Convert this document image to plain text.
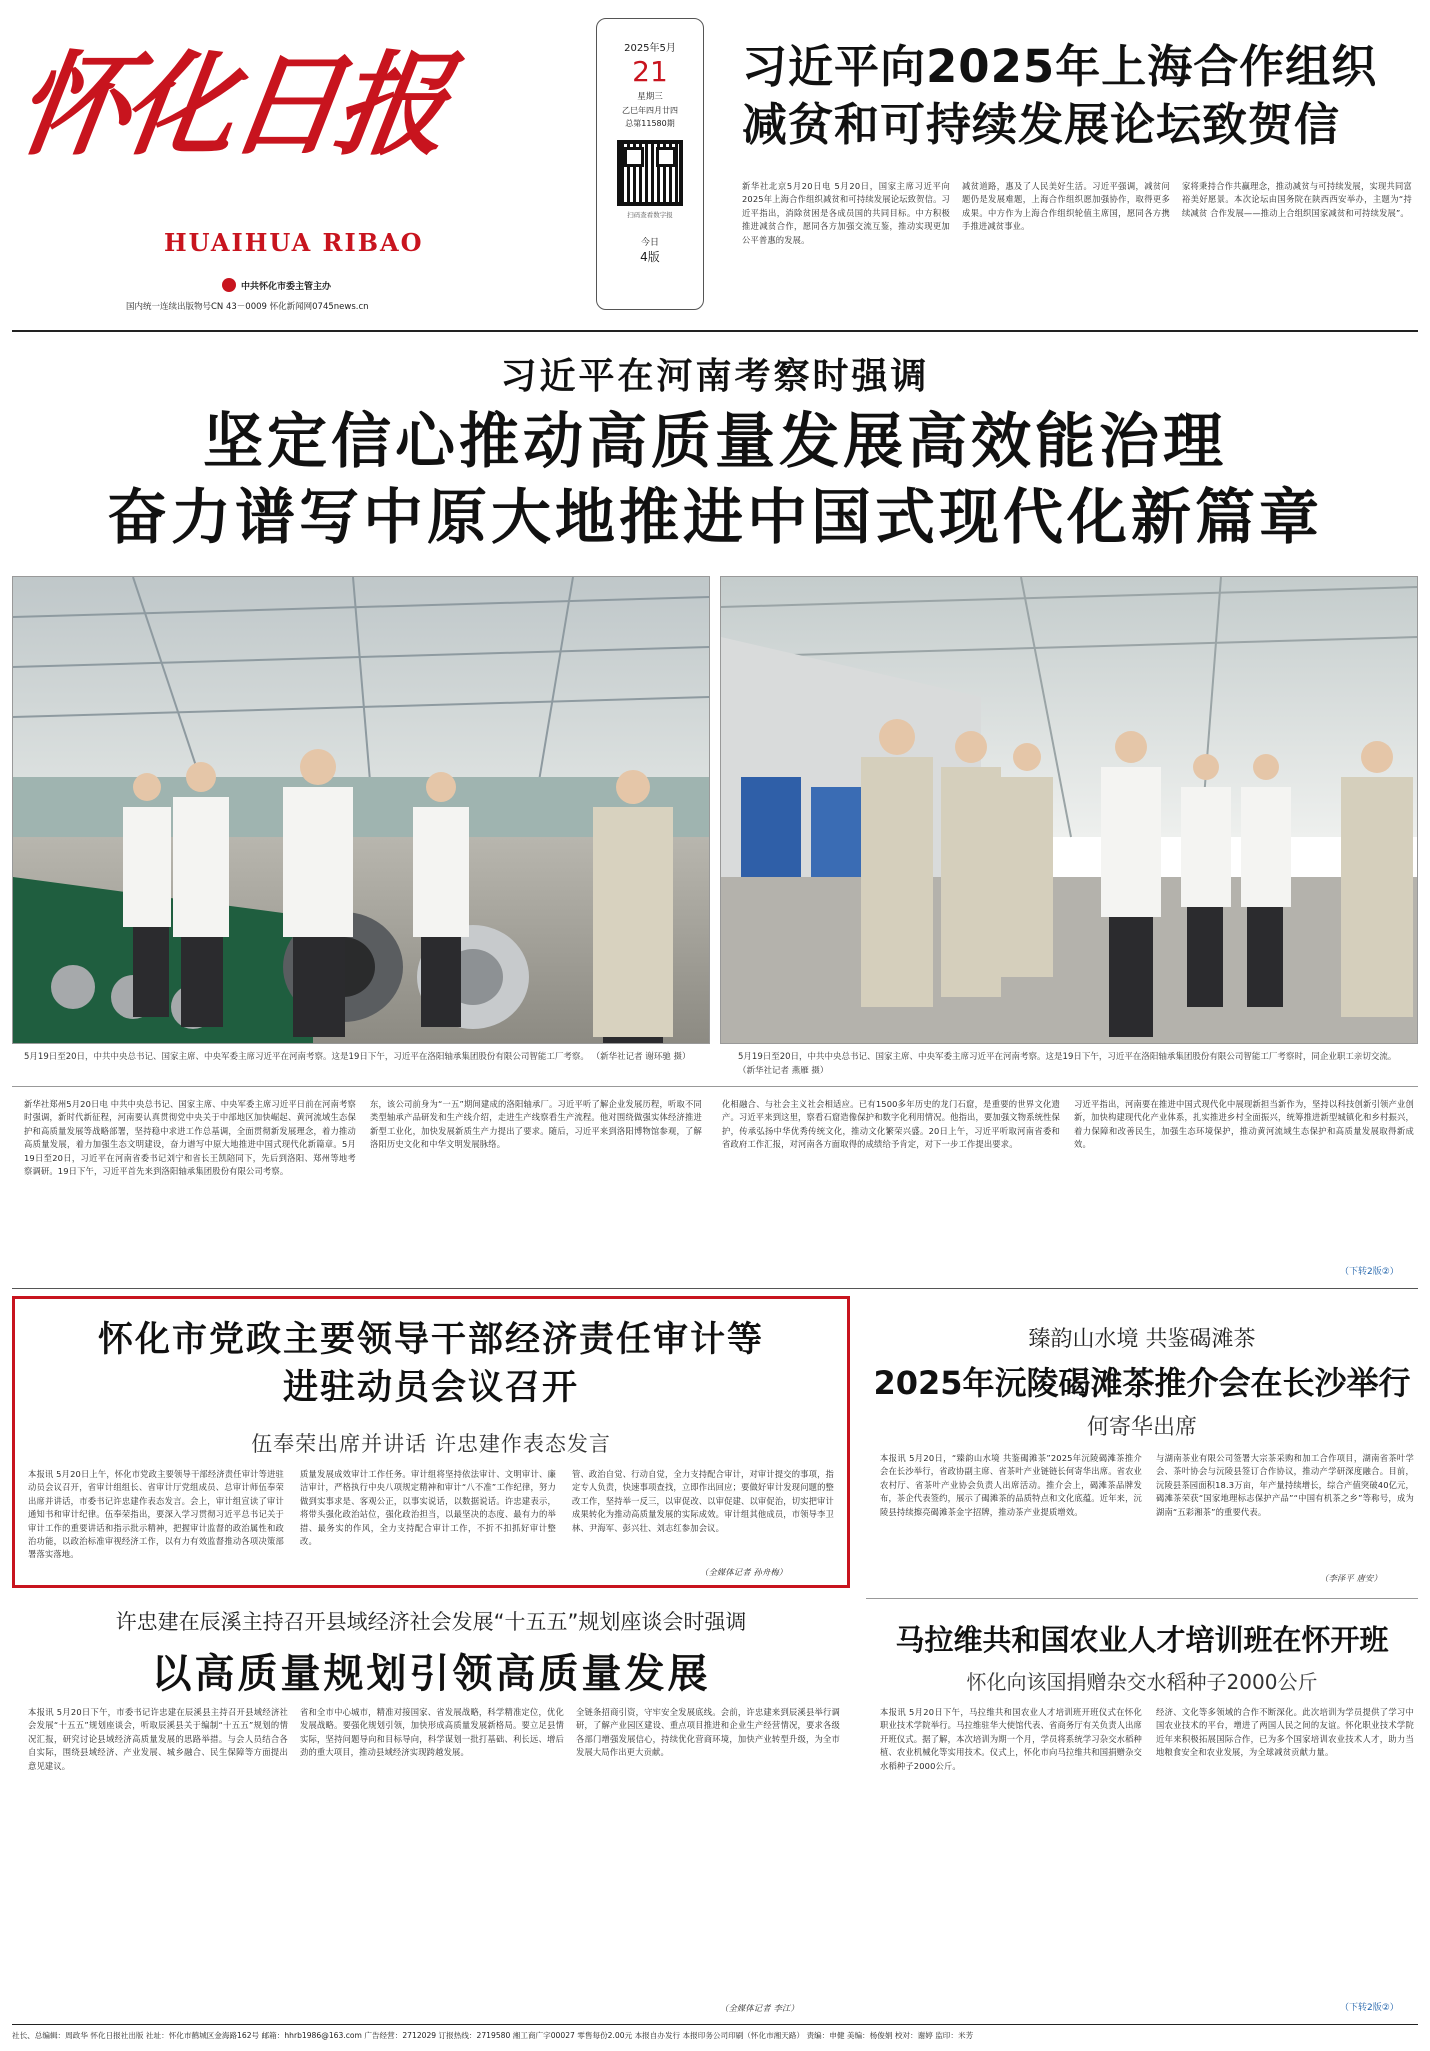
怀化日报
HUAIHUA RIBAO
中共怀化市委主管主办
国内统一连续出版物号CN 43－0009 怀化新闻网0745news.cn
2025年5月
21
星期三
乙巳年四月廿四
总第11580期
扫码查看数字报
今日
4版
习近平向2025年上海合作组织
减贫和可持续发展论坛致贺信
新华社北京5月20日电 5月20日，国家主席习近平向2025年上海合作组织减贫和可持续发展论坛致贺信。习近平指出，消除贫困是各成员国的共同目标。中方积极推进减贫合作，愿同各方加强交流互鉴，推动实现更加公平普惠的发展。
减贫道路，惠及了人民美好生活。习近平强调，减贫问题仍是发展难题，上海合作组织愿加强协作，取得更多成果。中方作为上海合作组织轮值主席国，愿同各方携手推进减贫事业。
家将秉持合作共赢理念，推动减贫与可持续发展，实现共同富裕美好愿景。本次论坛由国务院在陕西西安举办，主题为“持续减贫 合作发展——推动上合组织国家减贫和可持续发展”。
习近平在河南考察时强调
坚定信心推动高质量发展高效能治理
奋力谱写中原大地推进中国式现代化新篇章
5月19日至20日，中共中央总书记、国家主席、中央军委主席习近平在河南考察。这是19日下午，习近平在洛阳轴承集团股份有限公司智能工厂考察。 （新华社记者 谢环驰 摄）	5月19日至20日，中共中央总书记、国家主席、中央军委主席习近平在河南考察。这是19日下午，习近平在洛阳轴承集团股份有限公司智能工厂考察时，同企业职工亲切交流。 （新华社记者 燕雁 摄）
新华社郑州5月20日电 中共中央总书记、国家主席、中央军委主席习近平日前在河南考察时强调，新时代新征程，河南要认真贯彻党中央关于中部地区加快崛起、黄河流域生态保护和高质量发展等战略部署，坚持稳中求进工作总基调，全面贯彻新发展理念，着力推动高质量发展，着力加强生态文明建设，奋力谱写中原大地推进中国式现代化新篇章。5月19日至20日，习近平在河南省委书记刘宁和省长王凯陪同下，先后到洛阳、郑州等地考察调研。19日下午，习近平首先来到洛阳轴承集团股份有限公司考察。
东，该公司前身为“一五”期间建成的洛阳轴承厂。习近平听了解企业发展历程，听取不同类型轴承产品研发和生产线介绍，走进生产线察看生产流程。他对围绕做强实体经济推进新型工业化，加快发展新质生产力提出了要求。随后，习近平来到洛阳博物馆参观，了解洛阳历史文化和中华文明发展脉络。
化相融合、与社会主义社会相适应。已有1500多年历史的龙门石窟，是重要的世界文化遗产。习近平来到这里，察看石窟造像保护和数字化利用情况。他指出，要加强文物系统性保护，传承弘扬中华优秀传统文化，推动文化繁荣兴盛。20日上午，习近平听取河南省委和省政府工作汇报，对河南各方面取得的成绩给予肯定，对下一步工作提出要求。
习近平指出，河南要在推进中国式现代化中展现新担当新作为，坚持以科技创新引领产业创新，加快构建现代化产业体系，扎实推进乡村全面振兴，统筹推进新型城镇化和乡村振兴，着力保障和改善民生，加强生态环境保护，推动黄河流域生态保护和高质量发展取得新成效。
（下转2版②）
怀化市党政主要领导干部经济责任审计等
进驻动员会议召开
伍奉荣出席并讲话 许忠建作表态发言
本报讯 5月20日上午，怀化市党政主要领导干部经济责任审计等进驻动员会议召开，省审计组组长、省审计厅党组成员、总审计师伍奉荣出席并讲话，市委书记许忠建作表态发言。会上，审计组宣读了审计通知书和审计纪律。伍奉荣指出，要深入学习贯彻习近平总书记关于审计工作的重要讲话和指示批示精神，把握审计监督的政治属性和政治功能，以政治标准审视经济工作，以有力有效监督推动各项决策部署落实落地。
质量发展成效审计工作任务。审计组将坚持依法审计、文明审计、廉洁审计，严格执行中央八项规定精神和审计“八不准”工作纪律，努力做到实事求是、客观公正，以事实说话，以数据说话。许忠建表示，将带头强化政治站位，强化政治担当，以最坚决的态度、最有力的举措、最务实的作风，全力支持配合审计工作，不折不扣抓好审计整改。
管、政治自觉、行动自觉，全力支持配合审计，对审计提交的事项，指定专人负责，快速事项查找，立即作出回应；要做好审计发现问题的整改工作，坚持举一反三，以审促改、以审促建、以审促治，切实把审计成果转化为推动高质量发展的实际成效。审计组其他成员，市领导李卫林、尹海军、彭兴壮、刘志红参加会议。
（全媒体记者 孙舟梅）
臻韵山水境 共鉴碣滩茶
2025年沅陵碣滩茶推介会在长沙举行
何寄华出席
本报讯 5月20日，“臻韵山水境 共鉴碣滩茶”2025年沅陵碣滩茶推介会在长沙举行，省政协副主席、省茶叶产业链链长何寄华出席。省农业农村厅、省茶叶产业协会负责人出席活动。推介会上，碣滩茶品牌发布，茶企代表签约，展示了碣滩茶的品质特点和文化底蕴。近年来，沅陵县持续擦亮碣滩茶金字招牌，推动茶产业提质增效。
与湖南茶业有限公司签署大宗茶采购和加工合作项目，湖南省茶叶学会、茶叶协会与沅陵县签订合作协议，推动产学研深度融合。目前，沅陵县茶园面积18.3万亩，年产量持续增长，综合产值突破40亿元，碣滩茶荣获“国家地理标志保护产品”“中国有机茶之乡”等称号，成为湖南“五彩湘茶”的重要代表。
（李泽平 唐安）
许忠建在辰溪主持召开县域经济社会发展“十五五”规划座谈会时强调
以高质量规划引领高质量发展
本报讯 5月20日下午，市委书记许忠建在辰溪县主持召开县域经济社会发展“十五五”规划座谈会，听取辰溪县关于编制“十五五”规划的情况汇报，研究讨论县域经济高质量发展的思路举措。与会人员结合各自实际，围绕县域经济、产业发展、城乡融合、民生保障等方面提出意见建议。
省和全市中心城市，精准对接国家、省发展战略，科学精准定位，优化发展战略。要强化规划引领，加快形成高质量发展新格局。要立足县情实际，坚持问题导向和目标导向，科学谋划一批打基础、利长远、增后劲的重大项目，推动县域经济实现跨越发展。
全链条招商引资，守牢安全发展底线。会前，许忠建来到辰溪县举行调研，了解产业园区建设、重点项目推进和企业生产经营情况，要求各级各部门增强发展信心，持续优化营商环境，加快产业转型升级，为全市发展大局作出更大贡献。
（全媒体记者 李江）
马拉维共和国农业人才培训班在怀开班
怀化向该国捐赠杂交水稻种子2000公斤
本报讯 5月20日下午，马拉维共和国农业人才培训班开班仪式在怀化职业技术学院举行。马拉维驻华大使馆代表、省商务厅有关负责人出席开班仪式。据了解，本次培训为期一个月，学员将系统学习杂交水稻种植、农业机械化等实用技术。仪式上，怀化市向马拉维共和国捐赠杂交水稻种子2000公斤。
经济、文化等多领域的合作不断深化。此次培训为学员提供了学习中国农业技术的平台，增进了两国人民之间的友谊。怀化职业技术学院近年来积极拓展国际合作，已为多个国家培训农业技术人才，助力当地粮食安全和农业发展，为全球减贫贡献力量。
（下转2版②）
社长、总编辑：周政华 怀化日报社出版 社址：怀化市鹤城区金海路162号 邮箱：hhrb1986@163.com 广告经营：2712029 订报热线：2719580 湘工商广字00027 零售每份2.00元 本报自办发行 本报印务公司印刷（怀化市湘天路） 责编：申健 美编：杨俊娟 校对：谢婷 监印：米芳
